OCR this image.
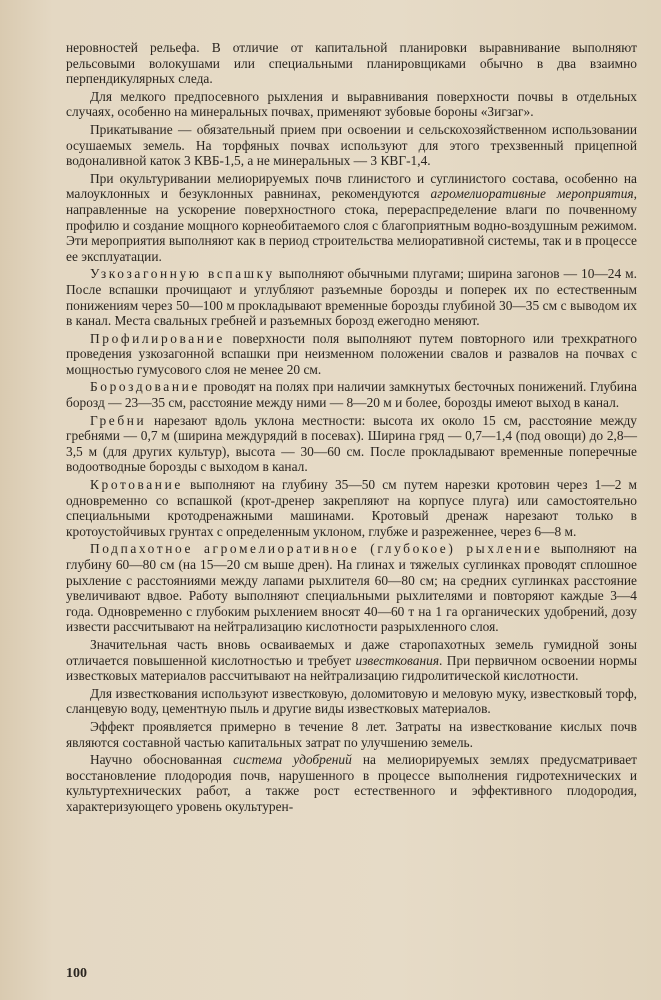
неровностей рельефа. В отличие от капитальной планировки выравнивание выполняют рельсовыми волокушами или специальными планировщиками обычно в два взаимно перпендикулярных следа.

Для мелкого предпосевного рыхления и выравнивания поверхности почвы в отдельных случаях, особенно на минеральных почвах, применяют зубовые бороны «Зигзаг».

Прикатывание — обязательный прием при освоении и сельскохозяйственном использовании осушаемых земель. На торфяных почвах используют для этого трехзвенный прицепной водоналивной каток 3 КВБ-1,5, а не минеральных — 3 КВГ-1,4.

При окультуривании мелиорируемых почв глинистого и суглинистого состава, особенно на малоуклонных и безуклонных равнинах, рекомендуются агромелиоративные мероприятия, направленные на ускорение поверхностного стока, перераспределение влаги по почвенному профилю и создание мощного корнеобитаемого слоя с благоприятным водно-воздушным режимом. Эти мероприятия выполняют как в период строительства мелиоративной системы, так и в процессе ее эксплуатации.

Узкозагонную вспашку выполняют обычными плугами; ширина загонов — 10—24 м. После вспашки прочищают и углубляют разъемные борозды и поперек их по естественным понижениям через 50—100 м прокладывают временные борозды глубиной 30—35 см с выводом их в канал. Места свальных гребней и разъемных борозд ежегодно меняют.

Профилирование поверхности поля выполняют путем повторного или трехкратного проведения узкозагонной вспашки при неизменном положении свалов и развалов на почвах с мощностью гумусового слоя не менее 20 см.

Бороздование проводят на полях при наличии замкнутых бесточных понижений. Глубина борозд — 23—35 см, расстояние между ними — 8—20 м и более, борозды имеют выход в канал.

Гребни нарезают вдоль уклона местности: высота их около 15 см, расстояние между гребнями — 0,7 м (ширина междурядий в посевах). Ширина гряд — 0,7—1,4 (под овощи) до 2,8—3,5 м (для других культур), высота — 30—60 см. После прокладывают временные поперечные водоотводные борозды с выходом в канал.

Кротование выполняют на глубину 35—50 см путем нарезки кротовин через 1—2 м одновременно со вспашкой (крот-дренер закрепляют на корпусе плуга) или самостоятельно специальными кротодренажными машинами. Кротовый дренаж нарезают только в кротоустойчивых грунтах с определенным уклоном, глубже и разреженнее, через 6—8 м.

Подпахотное агромелиоративное (глубокое) рыхление выполняют на глубину 60—80 см (на 15—20 см выше дрен). На глинах и тяжелых суглинках проводят сплошное рыхление с расстояниями между лапами рыхлителя 60—80 см; на средних суглинках расстояние увеличивают вдвое. Работу выполняют специальными рыхлителями и повторяют каждые 3—4 года. Одновременно с глубоким рыхлением вносят 40—60 т на 1 га органических удобрений, дозу извести рассчитывают на нейтрализацию кислотности разрыхленного слоя.

Значительная часть вновь осваиваемых и даже старопахотных земель гумидной зоны отличается повышенной кислотностью и требует известкования. При первичном освоении нормы известковых материалов рассчитывают на нейтрализацию гидролитической кислотности.

Для известкования используют известковую, доломитовую и меловую муку, известковый торф, сланцевую воду, цементную пыль и другие виды известковых материалов.

Эффект проявляется примерно в течение 8 лет. Затраты на известкование кислых почв являются составной частью капитальных затрат по улучшению земель.

Научно обоснованная система удобрений на мелиорируемых землях предусматривает восстановление плодородия почв, нарушенного в процессе выполнения гидротехнических и культуртехнических работ, а также рост естественного и эффективного плодородия, характеризующего уровень окультурен-

100
